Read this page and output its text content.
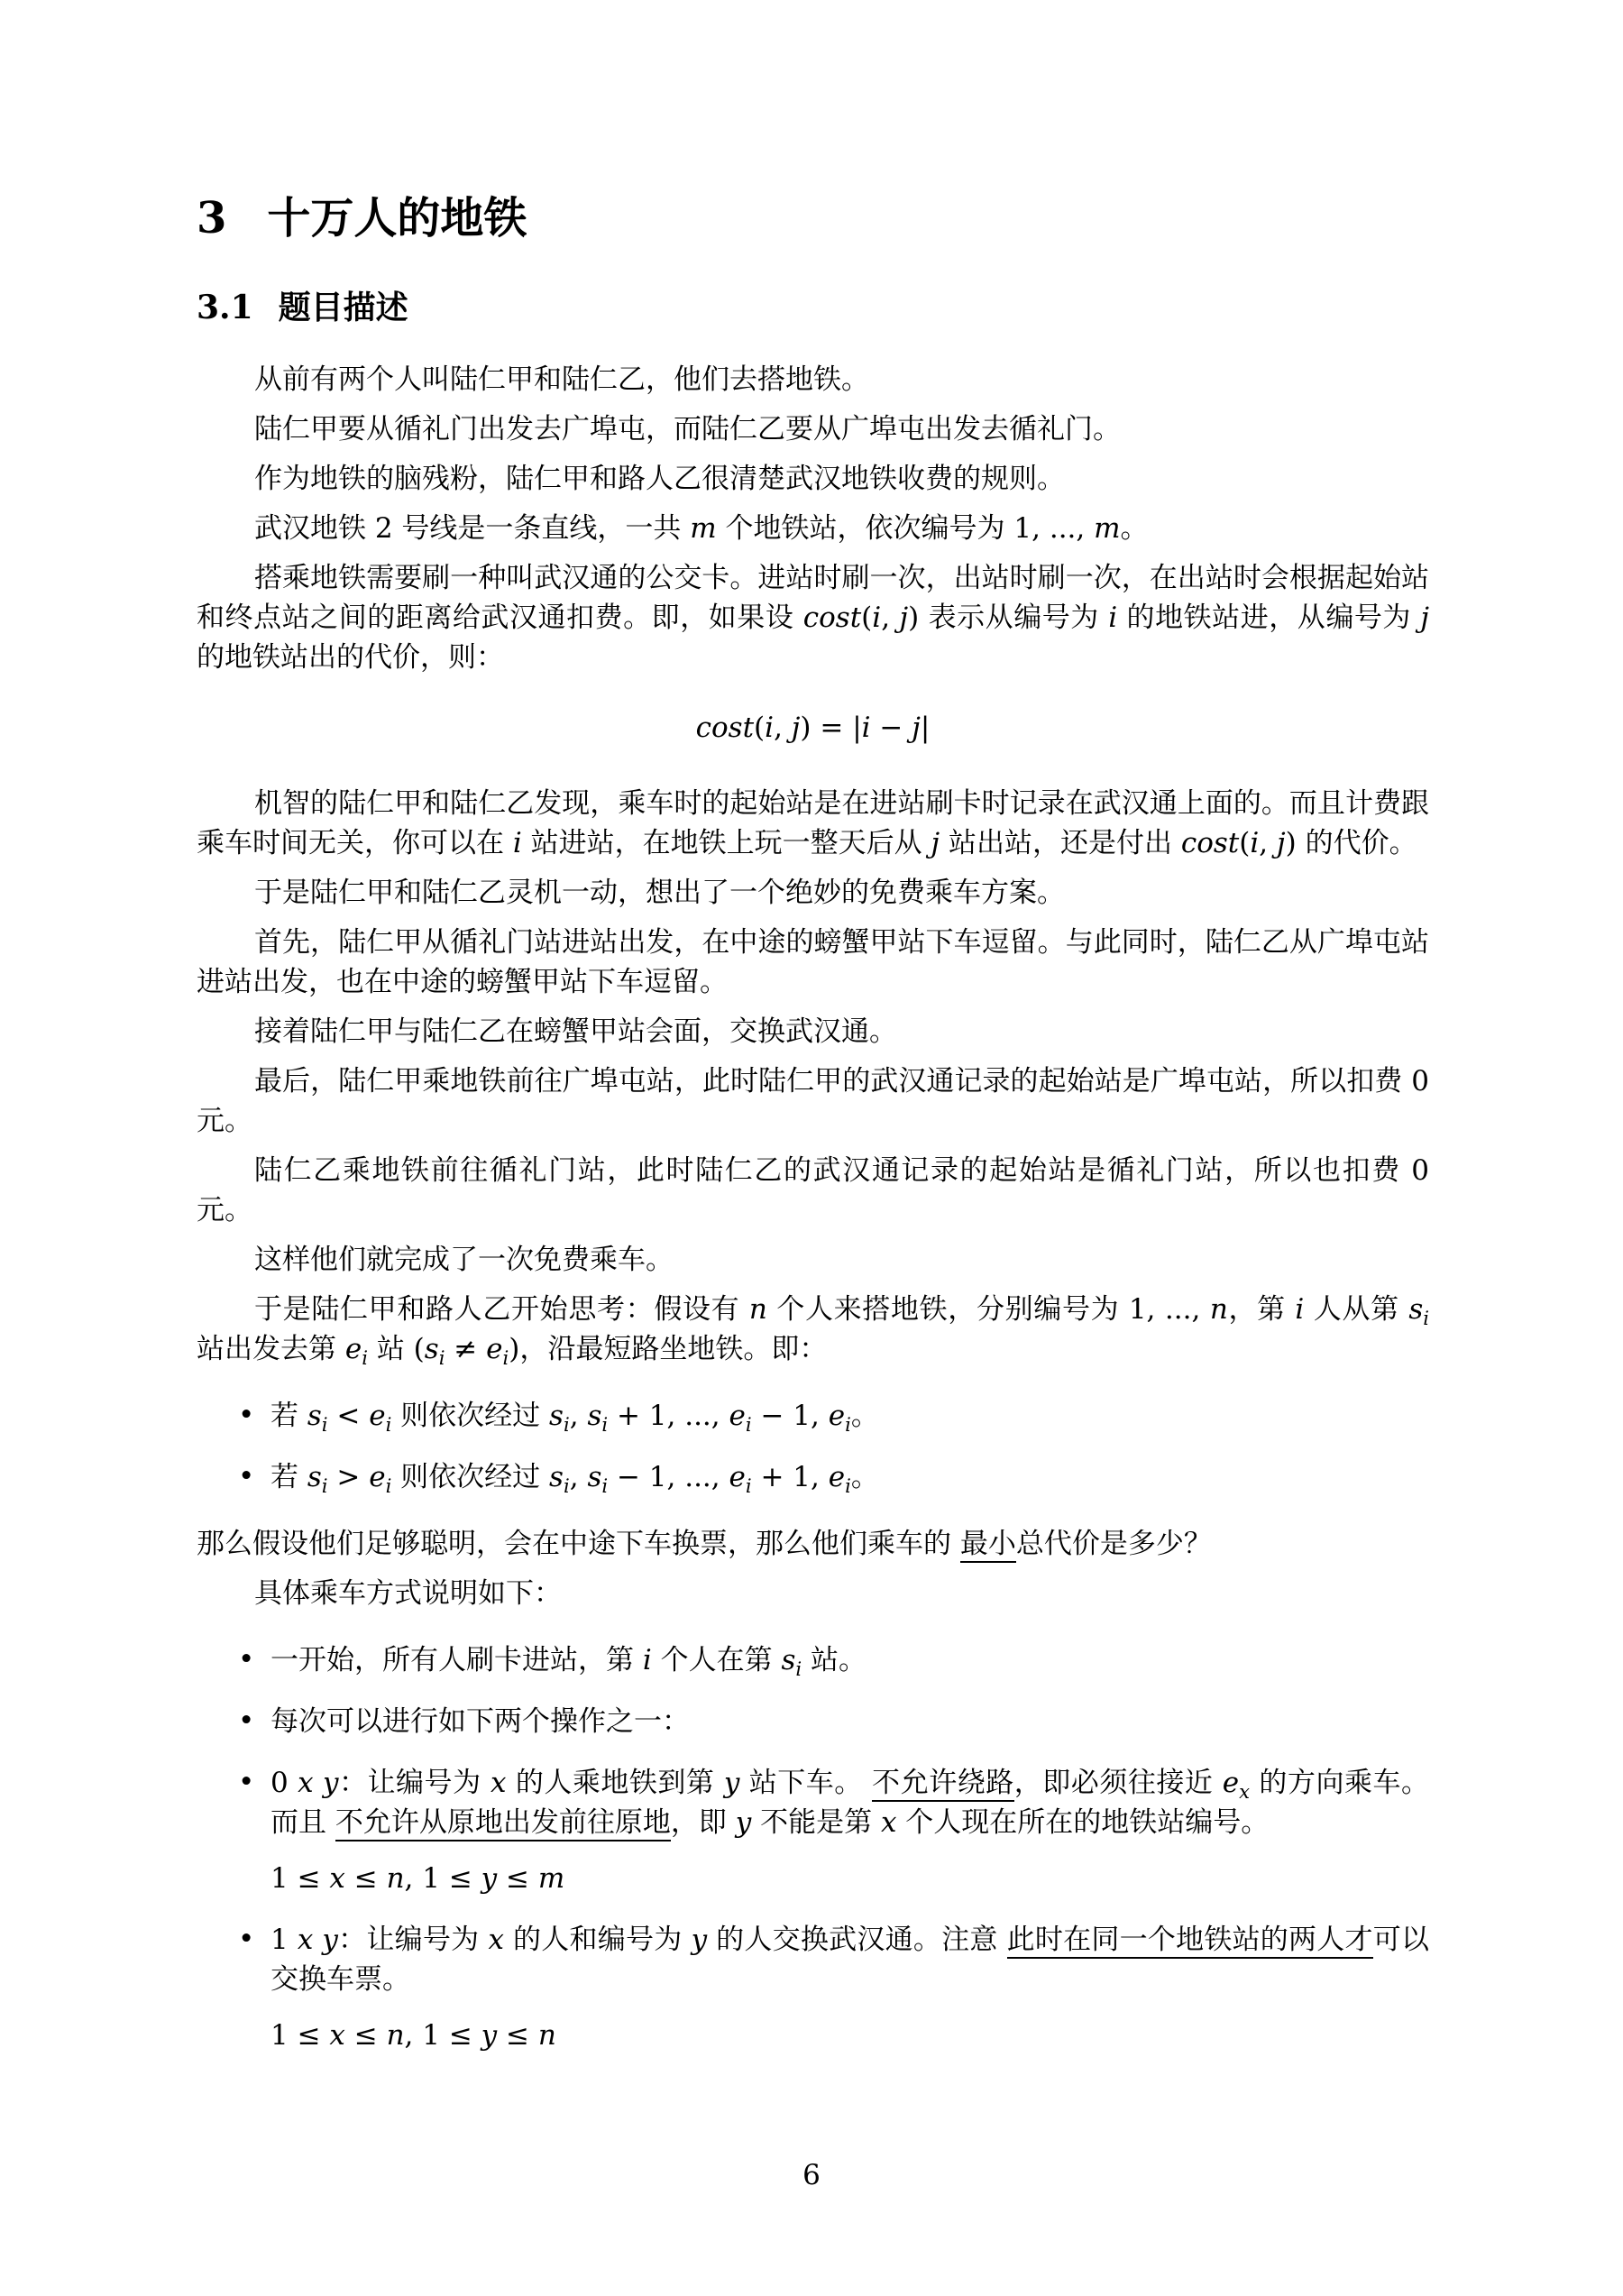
3 十万人的地铁
3.1 题目描述
从前有两个人叫陆仁甲和陆仁乙，他们去搭地铁。
陆仁甲要从循礼门出发去广埠屯，而陆仁乙要从广埠屯出发去循礼门。
作为地铁的脑残粉，陆仁甲和路人乙很清楚武汉地铁收费的规则。
武汉地铁 2 号线是一条直线，一共 m 个地铁站，依次编号为 1, ..., m。
搭乘地铁需要刷一种叫武汉通的公交卡。进站时刷一次，出站时刷一次，在出站时会根据起始站和终点站之间的距离给武汉通扣费。即，如果设 cost(i, j) 表示从编号为 i 的地铁站进，从编号为 j 的地铁站出的代价，则：
cost(i, j) = |i − j|
机智的陆仁甲和陆仁乙发现，乘车时的起始站是在进站刷卡时记录在武汉通上面的。而且计费跟乘车时间无关，你可以在 i 站进站，在地铁上玩一整天后从 j 站出站，还是付出 cost(i, j) 的代价。
于是陆仁甲和陆仁乙灵机一动，想出了一个绝妙的免费乘车方案。
首先，陆仁甲从循礼门站进站出发，在中途的螃蟹甲站下车逗留。与此同时，陆仁乙从广埠屯站进站出发，也在中途的螃蟹甲站下车逗留。
接着陆仁甲与陆仁乙在螃蟹甲站会面，交换武汉通。
最后，陆仁甲乘地铁前往广埠屯站，此时陆仁甲的武汉通记录的起始站是广埠屯站，所以扣费 0 元。
陆仁乙乘地铁前往循礼门站，此时陆仁乙的武汉通记录的起始站是循礼门站，所以也扣费 0 元。
这样他们就完成了一次免费乘车。
于是陆仁甲和路人乙开始思考：假设有 n 个人来搭地铁，分别编号为 1, ..., n，第 i 人从第 $s_i$ 站出发去第 $e_i$ 站 $(s_i \ne e_i)$，沿最短路坐地铁。即：
• 若 $s_i < e_i$ 则依次经过 $s_i$, $s_i + 1$, ..., $e_i - 1$, $e_i$。
• 若 $s_i > e_i$ 则依次经过 $s_i$, $s_i - 1$, ..., $e_i + 1$, $e_i$。
那么假设他们足够聪明，会在中途下车换票，那么他们乘车的 最小总代价是多少？
具体乘车方式说明如下：
• 一开始，所有人刷卡进站，第 i 个人在第 $s_i$ 站。
• 每次可以进行如下两个操作之一：
• 0 x y：让编号为 x 的人乘地铁到第 y 站下车。 不允许绕路，即必须往接近 $e_x$ 的方向乘车。而且 不允许从原地出发前往原地，即 y 不能是第 x 个人现在所在的地铁站编号。
1 ≤ x ≤ n, 1 ≤ y ≤ m
• 1 x y：让编号为 x 的人和编号为 y 的人交换武汉通。注意 此时在同一个地铁站的两人才可以交换车票。
1 ≤ x ≤ n, 1 ≤ y ≤ n
6
